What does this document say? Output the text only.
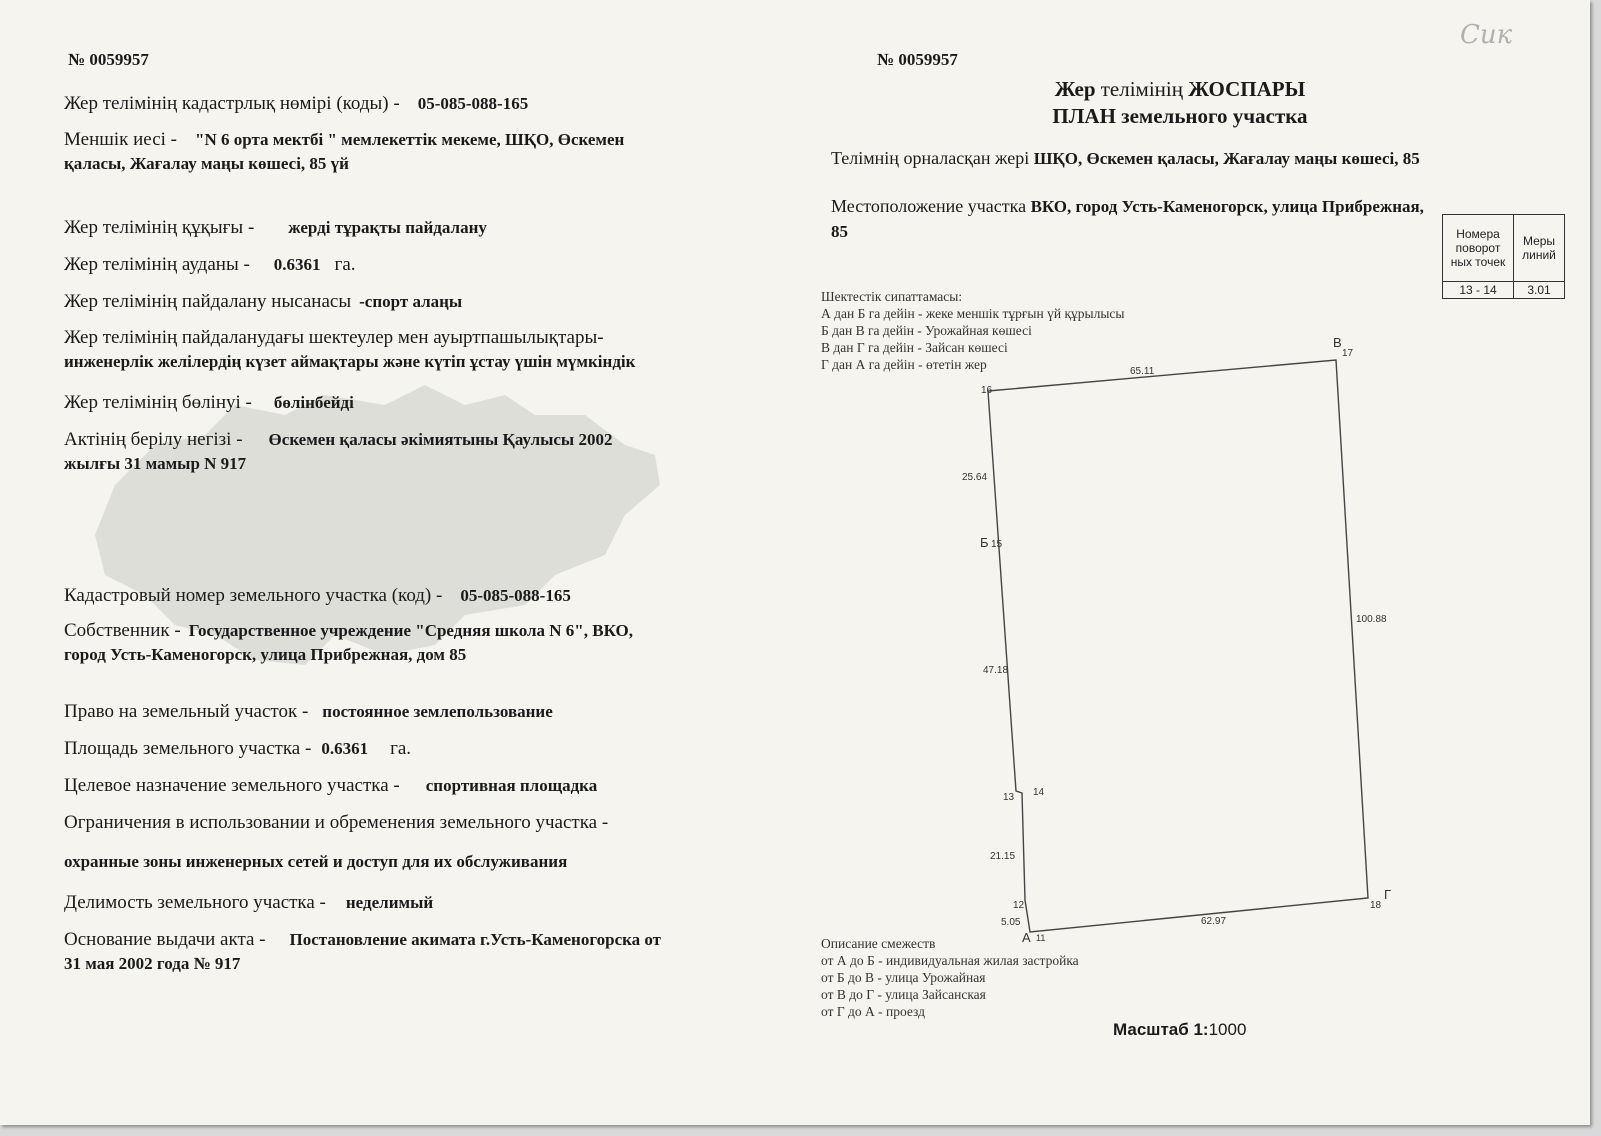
Сик
№ 0059957
Жер телімінің кадастрлық нөмірі (коды) - 05-085-088-165
Меншік иесі - "N 6 орта мектбі " мемлекеттік мекеме, ШҚО, Өскемен
қаласы, Жағалау маңы көшесі, 85 үй
Жер телімінің құқығы - жерді тұрақты пайдалану
Жер телімінің ауданы - 0.6361 га.
Жер телімінің пайдалану нысанасы -спорт алаңы
Жер телімінің пайдаланудағы шектеулер мен ауыртпашылықтары-
инженерлік желілердің күзет аймақтары және күтіп ұстау үшін мүмкіндік
Жер телімінің бөлінуі - бөлінбейді
Актінің берілу негізі - Өскемен қаласы әкімиятыны Қаулысы 2002
жылғы 31 мамыр N 917
Кадастровый номер земельного участка (код) - 05-085-088-165
Собственник - Государственное учреждение "Средняя школа N 6", ВКО,
город Усть-Каменогорск, улица Прибрежная, дом 85
Право на земельный участок - постоянное землепользование
Площадь земельного участка - 0.6361 га.
Целевое назначение земельного участка - спортивная площадка
Ограничения в использовании и обременения земельного участка -
охранные зоны инженерных сетей и доступ для их обслуживания
Делимость земельного участка - неделимый
Основание выдачи акта - Постановление акимата г.Усть-Каменогорска от
31 мая 2002 года № 917
№ 0059957
Жер телімінің ЖОСПАРЫ
ПЛАН земельного участка
Телімнің орналасқан жері ШҚО, Өскемен қаласы, Жағалау маңы көшесі, 85
Местоположение участка ВКО, город Усть-Каменогорск, улица Прибрежная,
85	Номера поворот ных точек	Меры линий
13 - 14	3.01
Шектестік сипаттамасы:
А дан Б га дейін - жеке меншік тұрғын үй құрылысы
Б дан В га дейін - Урожайная көшесі
В дан Г га дейін - Зайсан көшесі
Г дан А га дейін - өтетін жер	65.11
25.64
47.18
21.15
5.05	62.97
100.88
11
12
13 14
15
16
17
18
В
Б
А
Г
Описание смежеств
от А до Б - индивидуальная жилая застройка
от Б до В - улица Урожайная
от В до Г - улица Зайсанская
от Г до А - проезд
Масштаб 1:1000
